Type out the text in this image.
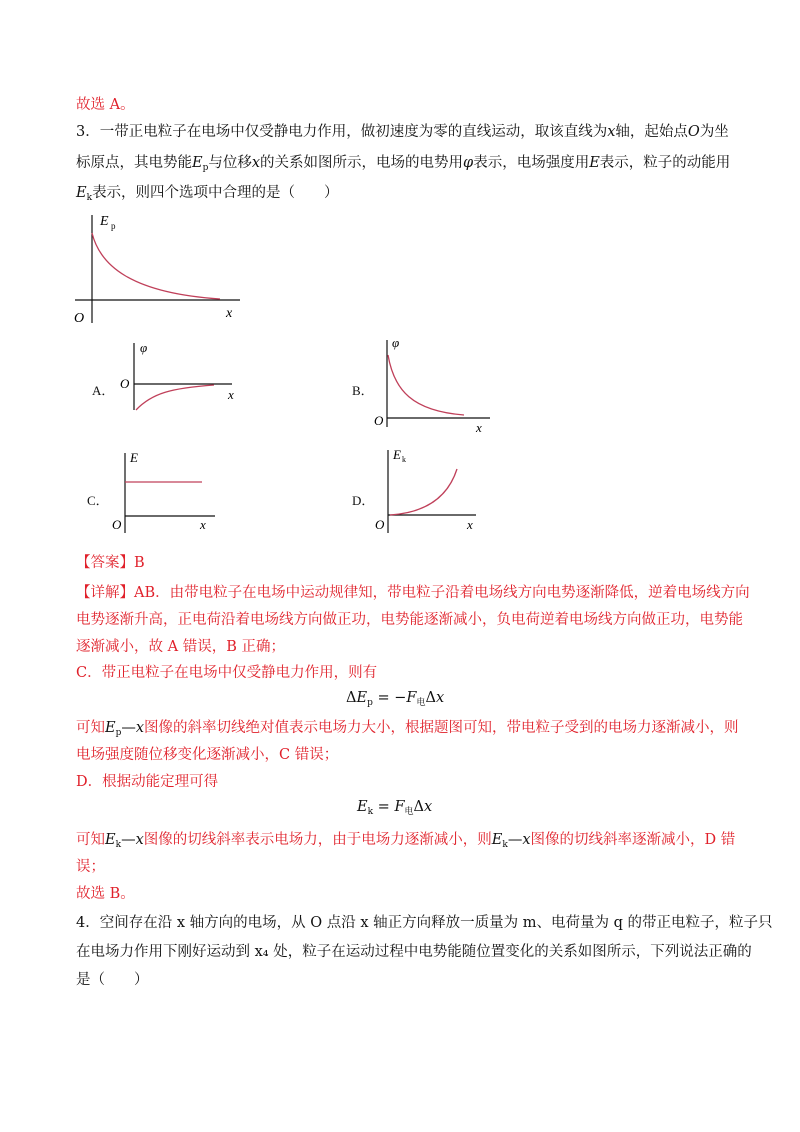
故选 A。
3．一带正电粒子在电场中仅受静电力作用，做初速度为零的直线运动，取该直线为x轴，起始点O为坐
标原点，其电势能$E_p$与位移x的关系如图所示，电场的电势用φ表示，电场强度用E表示，粒子的动能用
$E_k$表示，则四个选项中合理的是（　　）
E p
x
O
A．
φ
x
O	B．
φ
x
O
C．
E
x
O
D．
E k
x
O
【答案】B
【详解】AB．由带电粒子在电场中运动规律知，带电粒子沿着电场线方向电势逐渐降低，逆着电场线方向
电势逐渐升高，正电荷沿着电场线方向做正功，电势能逐渐减小，负电荷逆着电场线方向做正功，电势能
逐渐减小，故 A 错误，B 正确；
C．带正电粒子在电场中仅受静电力作用，则有
$\Delta E_p = -F_电\Delta x$
可知$E_p—x$图像的斜率切线绝对值表示电场力大小，根据题图可知，带电粒子受到的电场力逐渐减小，则
电场强度随位移变化逐渐减小，C 错误；
D．根据动能定理可得
$E_k = F_电\Delta x$
可知$E_k—x$图像的切线斜率表示电场力，由于电场力逐渐减小，则$E_k—x$图像的切线斜率逐渐减小，D 错
误；
故选 B。
4．空间存在沿 x 轴方向的电场，从 O 点沿 x 轴正方向释放一质量为 m、电荷量为 q 的带正电粒子，粒子只
在电场力作用下刚好运动到 x₄ 处，粒子在运动过程中电势能随位置变化的关系如图所示，下列说法正确的
是（　　）
